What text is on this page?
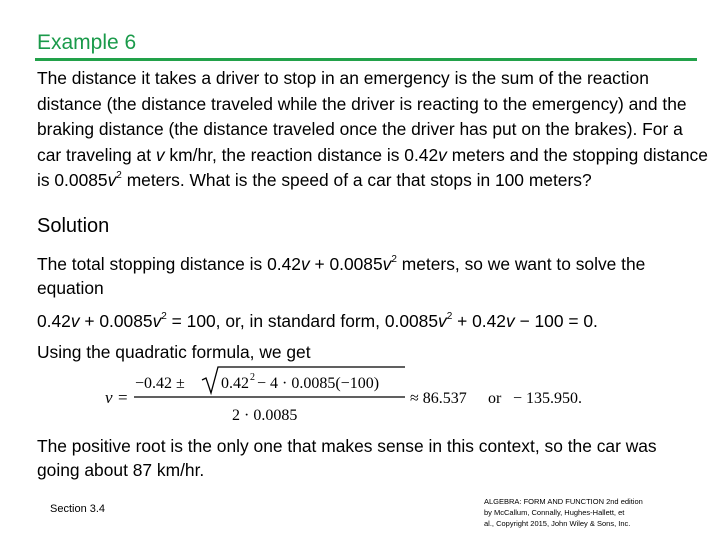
Example 6
The distance it takes a driver to stop in an emergency is the sum of the reaction distance (the distance traveled while the driver is reacting to the emergency) and the braking distance (the distance traveled once the driver has put on the brakes). For a car traveling at v km/hr, the reaction distance is 0.42v meters and the stopping distance is $0.0085v^2$ meters. What is the speed of a car that stops in 100 meters?
Solution
The total stopping distance is $0.42v + 0.0085v^2$ meters, so we want to solve the equation
$0.42v + 0.0085v^2 = 100$, or, in standard form, $0.0085v^2 + 0.42v - 100 = 0$.
Using the quadratic formula, we get
v =
−0.42 ± 0.42 2 − 4 · 0.0085(−100)
2 · 0.0085
≈ 86.537 or − 135.950.
The positive root is the only one that makes sense in this context, so the car was going about 87 km/hr.
Section 3.4
ALGEBRA: FORM AND FUNCTION 2nd edition
by McCallum, Connally, Hughes-Hallett, et
al., Copyright 2015, John Wiley & Sons, Inc.
